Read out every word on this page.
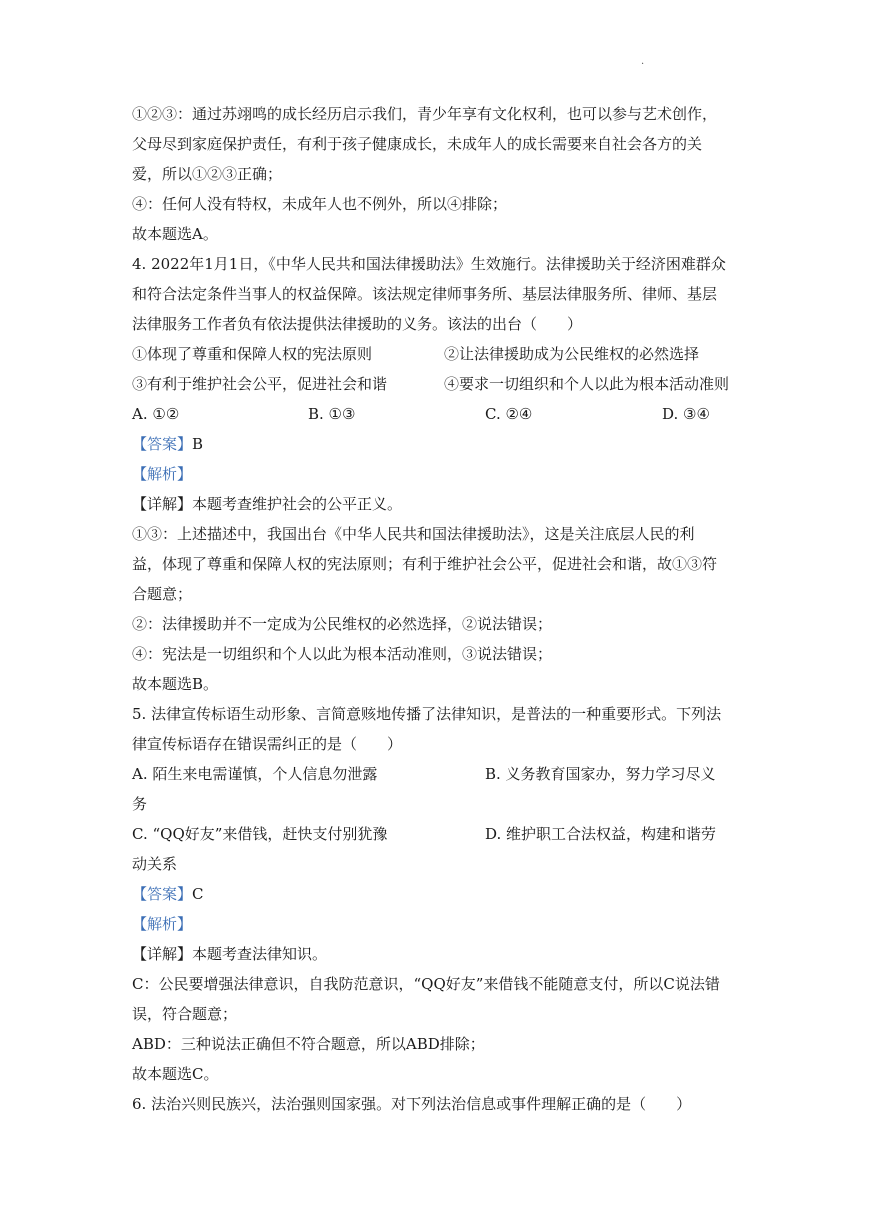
.
①②③：通过苏翊鸣的成长经历启示我们，青少年享有文化权利，也可以参与艺术创作，
父母尽到家庭保护责任，有利于孩子健康成长，未成年人的成长需要来自社会各方的关
爱，所以①②③正确；
④：任何人没有特权，未成年人也不例外，所以④排除；
故本题选A。
4. 2022年1月1日，《中华人民共和国法律援助法》生效施行。法律援助关于经济困难群众
和符合法定条件当事人的权益保障。该法规定律师事务所、基层法律服务所、律师、基层
法律服务工作者负有依法提供法律援助的义务。该法的出台（　　）
①体现了尊重和保障人权的宪法原则	②让法律援助成为公民维权的必然选择
③有利于维护社会公平，促进社会和谐	④要求一切组织和个人以此为根本活动准则
A. ①②	B. ①③	C. ②④	D. ③④
【答案】B
【解析】
【详解】本题考查维护社会的公平正义。
①③：上述描述中，我国出台《中华人民共和国法律援助法》，这是关注底层人民的利
益，体现了尊重和保障人权的宪法原则；有利于维护社会公平，促进社会和谐，故①③符
合题意；
②：法律援助并不一定成为公民维权的必然选择，②说法错误；
④：宪法是一切组织和个人以此为根本活动准则，③说法错误；
故本题选B。
5. 法律宣传标语生动形象、言简意赅地传播了法律知识，是普法的一种重要形式。下列法
律宣传标语存在错误需纠正的是（　　）
A. 陌生来电需谨慎，个人信息勿泄露	B. 义务教育国家办，努力学习尽义
务
C. “QQ好友”来借钱，赶快支付别犹豫	D. 维护职工合法权益，构建和谐劳
动关系
【答案】C
【解析】
【详解】本题考查法律知识。
C：公民要增强法律意识，自我防范意识，“QQ好友”来借钱不能随意支付，所以C说法错
误，符合题意；
ABD：三种说法正确但不符合题意，所以ABD排除；
故本题选C。
6. 法治兴则民族兴，法治强则国家强。对下列法治信息或事件理解正确的是（　　）
